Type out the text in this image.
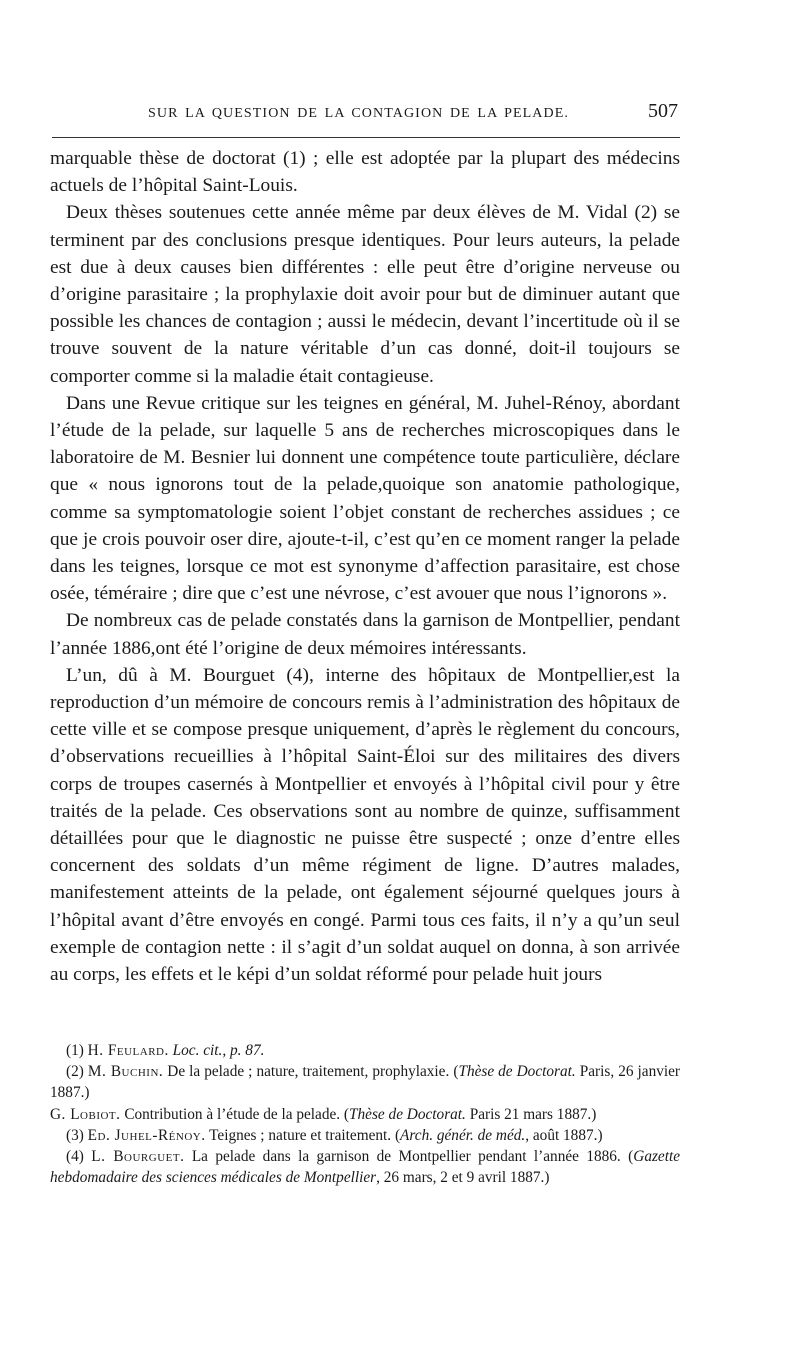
SUR LA QUESTION DE LA CONTAGION DE LA PELADE.	507

marquable thèse de doctorat (1) ; elle est adoptée par la plupart des médecins actuels de l’hôpital Saint-Louis.

Deux thèses soutenues cette année même par deux élèves de M. Vidal (2) se terminent par des conclusions presque identiques. Pour leurs auteurs, la pelade est due à deux causes bien différentes : elle peut être d’origine nerveuse ou d’origine parasitaire ; la prophylaxie doit avoir pour but de diminuer autant que possible les chances de contagion ; aussi le médecin, devant l’incertitude où il se trouve souvent de la nature véritable d’un cas donné, doit-il toujours se comporter comme si la maladie était contagieuse.

Dans une Revue critique sur les teignes en général, M. Juhel-Rénoy, abordant l’étude de la pelade, sur laquelle 5 ans de recherches microscopiques dans le laboratoire de M. Besnier lui donnent une compétence toute particulière, déclare que « nous ignorons tout de la pelade,quoique son anatomie pathologique, comme sa symptomatologie soient l’objet constant de recherches assidues ; ce que je crois pouvoir oser dire, ajoute-t-il, c’est qu’en ce moment ranger la pelade dans les teignes, lorsque ce mot est synonyme d’affection parasitaire, est chose osée, téméraire ; dire que c’est une névrose, c’est avouer que nous l’ignorons ».

De nombreux cas de pelade constatés dans la garnison de Montpellier, pendant l’année 1886,ont été l’origine de deux mémoires intéressants.

L’un, dû à M. Bourguet (4), interne des hôpitaux de Montpellier,est la reproduction d’un mémoire de concours remis à l’administration des hôpitaux de cette ville et se compose presque uniquement, d’après le règlement du concours, d’observations recueillies à l’hôpital Saint-Éloi sur des militaires des divers corps de troupes casernés à Montpellier et envoyés à l’hôpital civil pour y être traités de la pelade. Ces observations sont au nombre de quinze, suffisamment détaillées pour que le diagnostic ne puisse être suspecté ; onze d’entre elles concernent des soldats d’un même régiment de ligne. D’autres malades, manifestement atteints de la pelade, ont également séjourné quelques jours à l’hôpital avant d’être envoyés en congé. Parmi tous ces faits, il n’y a qu’un seul exemple de contagion nette : il s’agit d’un soldat auquel on donna, à son arrivée au corps, les effets et le képi d’un soldat réformé pour pelade huit jours

(1) H. Feulard. Loc. cit., p. 87.

(2) M. Buchin. De la pelade ; nature, traitement, prophylaxie. (Thèse de Doctorat. Paris, 26 janvier 1887.)

G. Lobiot. Contribution à l’étude de la pelade. (Thèse de Doctorat. Paris 21 mars 1887.)

(3) Ed. Juhel-Rénoy. Teignes ; nature et traitement. (Arch. génér. de méd., août 1887.)

(4) L. Bourguet. La pelade dans la garnison de Montpellier pendant l’année 1886. (Gazette hebdomadaire des sciences médicales de Montpellier, 26 mars, 2 et 9 avril 1887.)
